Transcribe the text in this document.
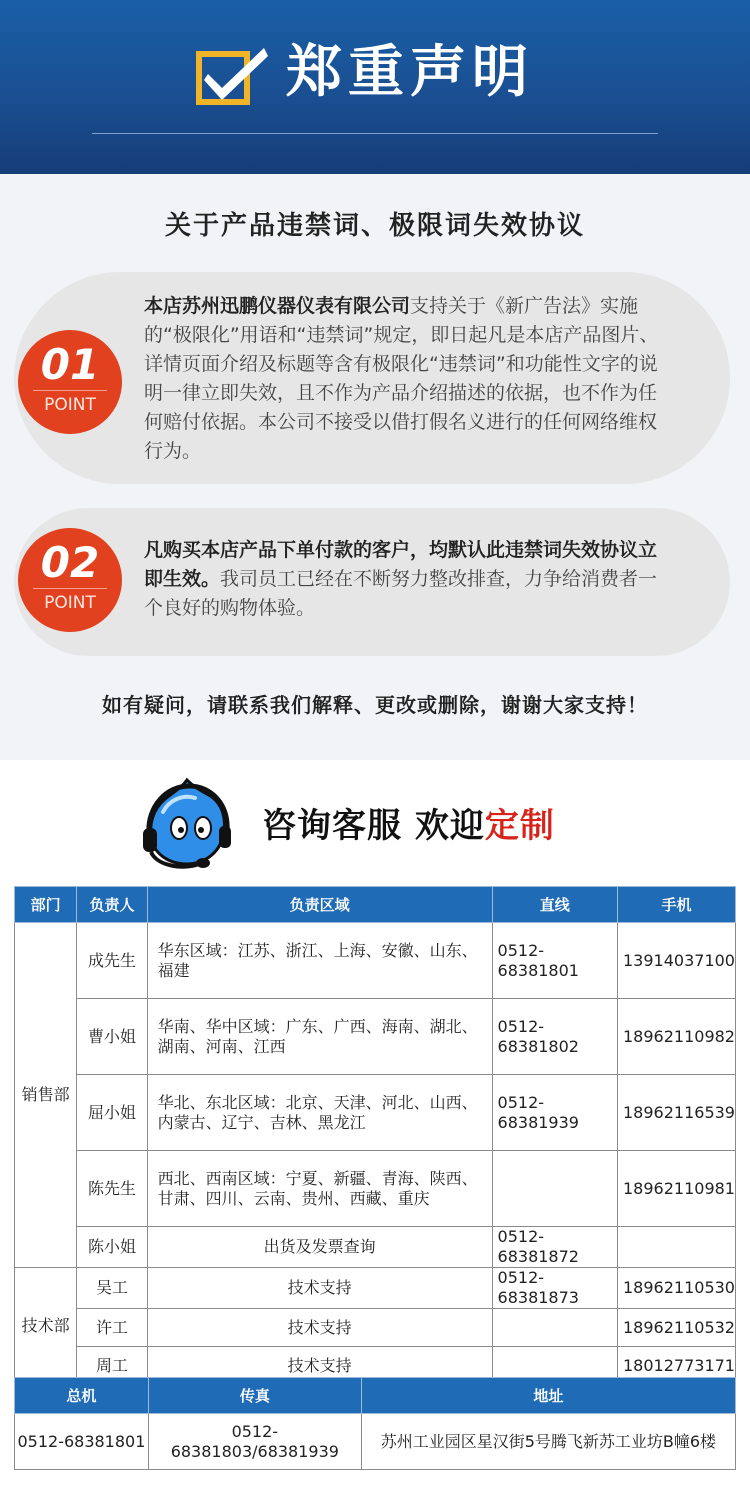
郑重声明
关于产品违禁词、极限词失效协议
01
POINT
本店苏州迅鹏仪器仪表有限公司支持关于《新广告法》实施的“极限化”用语和“违禁词”规定，即日起凡是本店产品图片、详情页面介绍及标题等含有极限化“违禁词”和功能性文字的说明一律立即失效，且不作为产品介绍描述的依据，也不作为任何赔付依据。本公司不接受以借打假名义进行的任何网络维权行为。
02
POINT
凡购买本店产品下单付款的客户，均默认此违禁词失效协议立即生效。我司员工已经在不断努力整改排查，力争给消费者一个良好的购物体验。
如有疑问，请联系我们解释、更改或删除，谢谢大家支持！
咨询客服 欢迎定制
部门	负责人	负责区域	直线	手机
销售部	成先生	华东区域：江苏、浙江、上海、安徽、山东、福建	0512-68381801	13914037100
	曹小姐	华南、华中区域：广东、广西、海南、湖北、湖南、河南、江西	0512-68381802	18962110982
	屈小姐	华北、东北区域：北京、天津、河北、山西、内蒙古、辽宁、吉林、黑龙江	0512-68381939	18962116539
	陈先生	西北、西南区域：宁夏、新疆、青海、陕西、甘肃、四川、云南、贵州、西藏、重庆		18962110981
	陈小姐	出货及发票查询	0512-68381872	
技术部	吴工	技术支持	0512-68381873	18962110530
	许工	技术支持		18962110532
	周工	技术支持		18012773171
总机	传真	地址
0512-68381801	0512-68381803/68381939	苏州工业园区星汉街5号腾飞新苏工业坊B幢6楼
